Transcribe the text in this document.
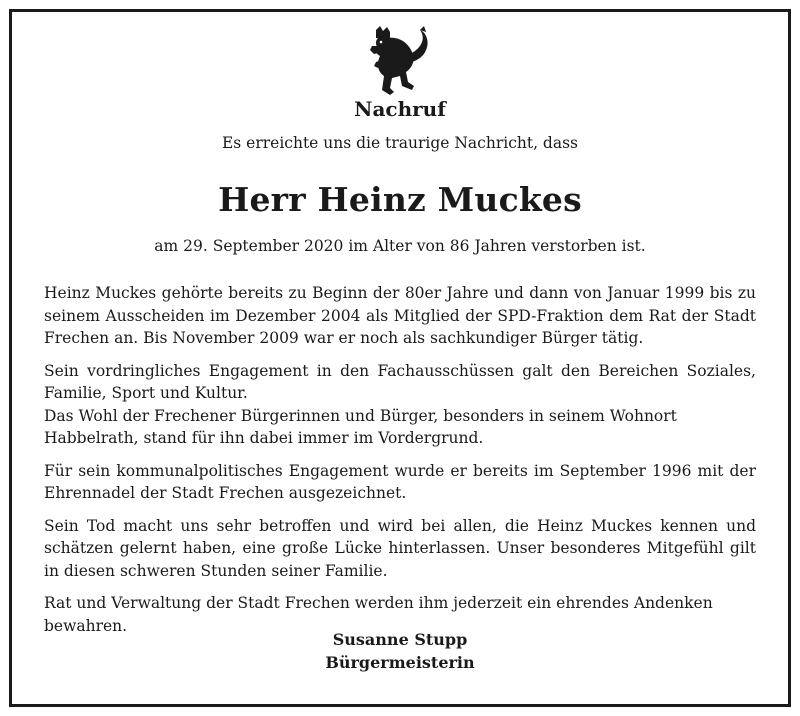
Nachruf
Es erreichte uns die traurige Nachricht, dass
Herr Heinz Muckes
am 29. September 2020 im Alter von 86 Jahren verstorben ist.

Heinz Muckes gehörte bereits zu Beginn der 80er Jahre und dann von Januar 1999 bis zu seinem Ausscheiden im Dezember 2004 als Mitglied der SPD-Fraktion dem Rat der Stadt Frechen an. Bis November 2009 war er noch als sachkundiger Bürger tätig.

Sein vordringliches Engagement in den Fachausschüssen galt den Bereichen Soziales, Familie, Sport und Kultur.

Das Wohl der Frechener Bürgerinnen und Bürger, besonders in seinem Wohnort Habbelrath, stand für ihn dabei immer im Vordergrund.

Für sein kommunalpolitisches Engagement wurde er bereits im September 1996 mit der Ehrennadel der Stadt Frechen ausgezeichnet.

Sein Tod macht uns sehr betroffen und wird bei allen, die Heinz Muckes kennen und schätzen gelernt haben, eine große Lücke hinterlassen. Unser besonderes Mitgefühl gilt in diesen schweren Stunden seiner Familie.

Rat und Verwaltung der Stadt Frechen werden ihm jederzeit ein ehrendes Andenken bewahren.

Susanne Stupp
Bürgermeisterin
